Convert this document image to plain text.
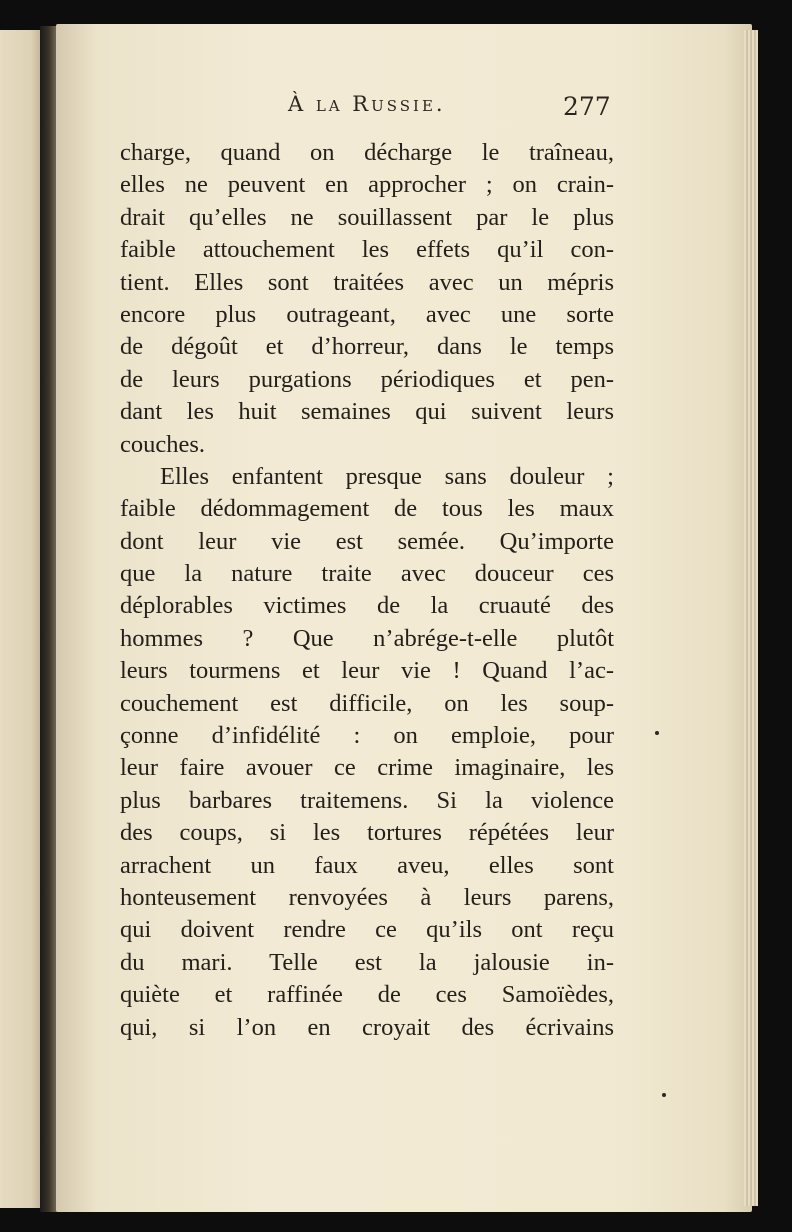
À la Russie.	277
charge, quand on décharge le traîneau,
elles ne peuvent en approcher ; on crain-
drait qu’elles ne souillassent par le plus
faible attouchement les effets qu’il con-
tient. Elles sont traitées avec un mépris
encore plus outrageant, avec une sorte
de dégoût et d’horreur, dans le temps
de leurs purgations périodiques et pen-
dant les huit semaines qui suivent leurs
couches.
Elles enfantent presque sans douleur ;
faible dédommagement de tous les maux
dont leur vie est semée. Qu’importe
que la nature traite avec douceur ces
déplorables victimes de la cruauté des
hommes ? Que n’abrége-t-elle plutôt
leurs tourmens et leur vie ! Quand l’ac-
couchement est difficile, on les soup-
çonne d’infidélité : on emploie, pour
leur faire avouer ce crime imaginaire, les
plus barbares traitemens. Si la violence
des coups, si les tortures répétées leur
arrachent un faux aveu, elles sont
honteusement renvoyées à leurs parens,
qui doivent rendre ce qu’ils ont reçu
du mari. Telle est la jalousie in-
quiète et raffinée de ces Samoïèdes,
qui, si l’on en croyait des écrivains
